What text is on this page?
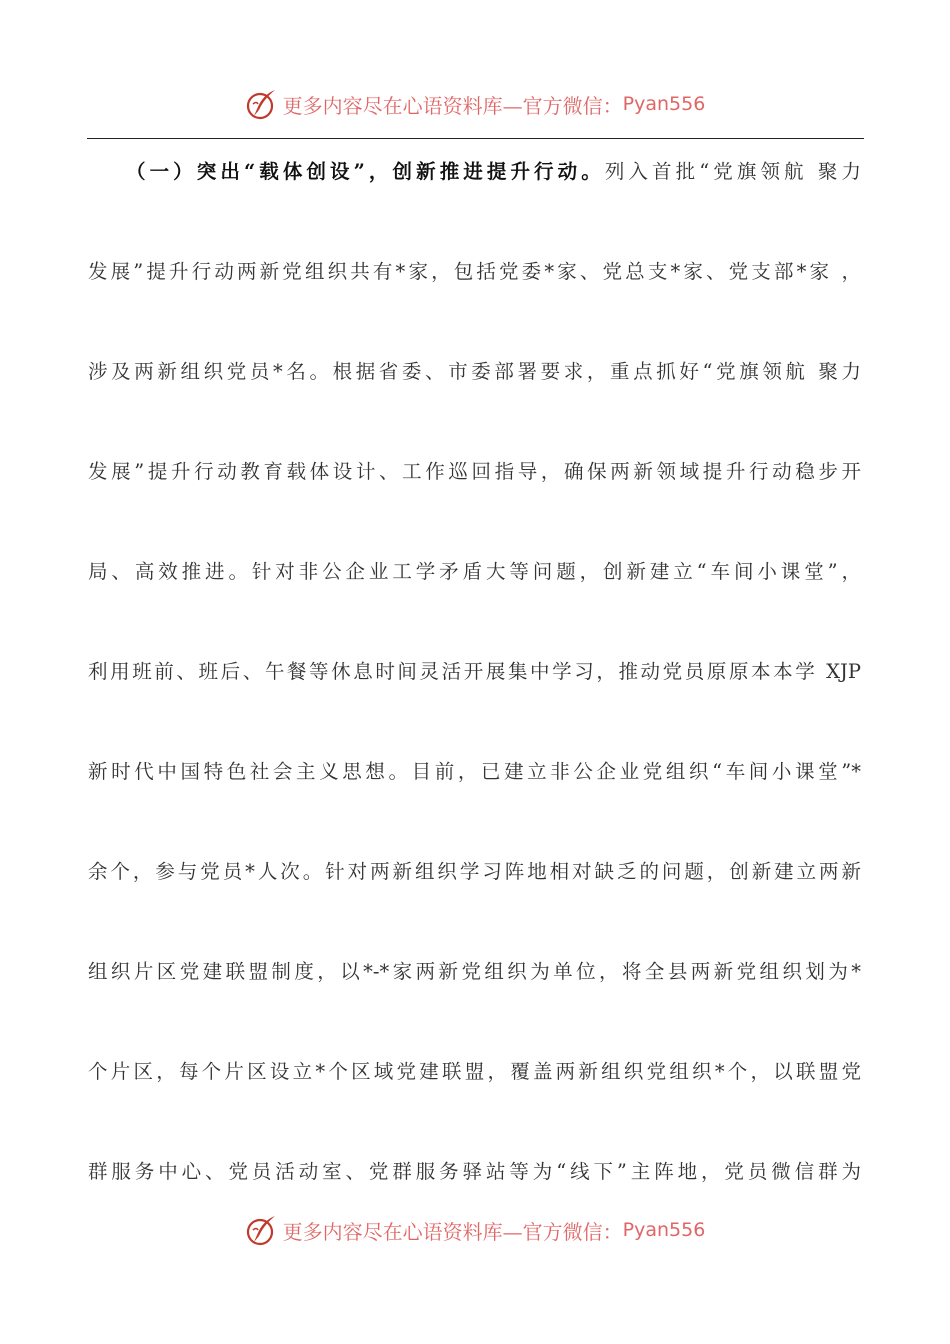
更多内容尽在心语资料库—官方微信： Pyan556
（一）突出“载体创设”，创新推进提升行动。列入首批“党旗领航 聚力
发展”提升行动两新党组织共有*家，包括党委*家、党总支*家、党支部*家 ，
涉及两新组织党员*名。根据省委、市委部署要求，重点抓好“党旗领航 聚力
发展”提升行动教育载体设计、工作巡回指导，确保两新领域提升行动稳步开
局、高效推进。针对非公企业工学矛盾大等问题，创新建立“车间小课堂”，
利用班前、班后、午餐等休息时间灵活开展集中学习，推动党员原原本本学 XJP
新时代中国特色社会主义思想。目前，已建立非公企业党组织“车间小课堂”*
余个，参与党员*人次。针对两新组织学习阵地相对缺乏的问题，创新建立两新
组织片区党建联盟制度，以*-*家两新党组织为单位，将全县两新党组织划为*
个片区，每个片区设立*个区域党建联盟，覆盖两新组织党组织*个，以联盟党
群服务中心、党员活动室、党群服务驿站等为“线下”主阵地，党员微信群为
更多内容尽在心语资料库—官方微信： Pyan556
